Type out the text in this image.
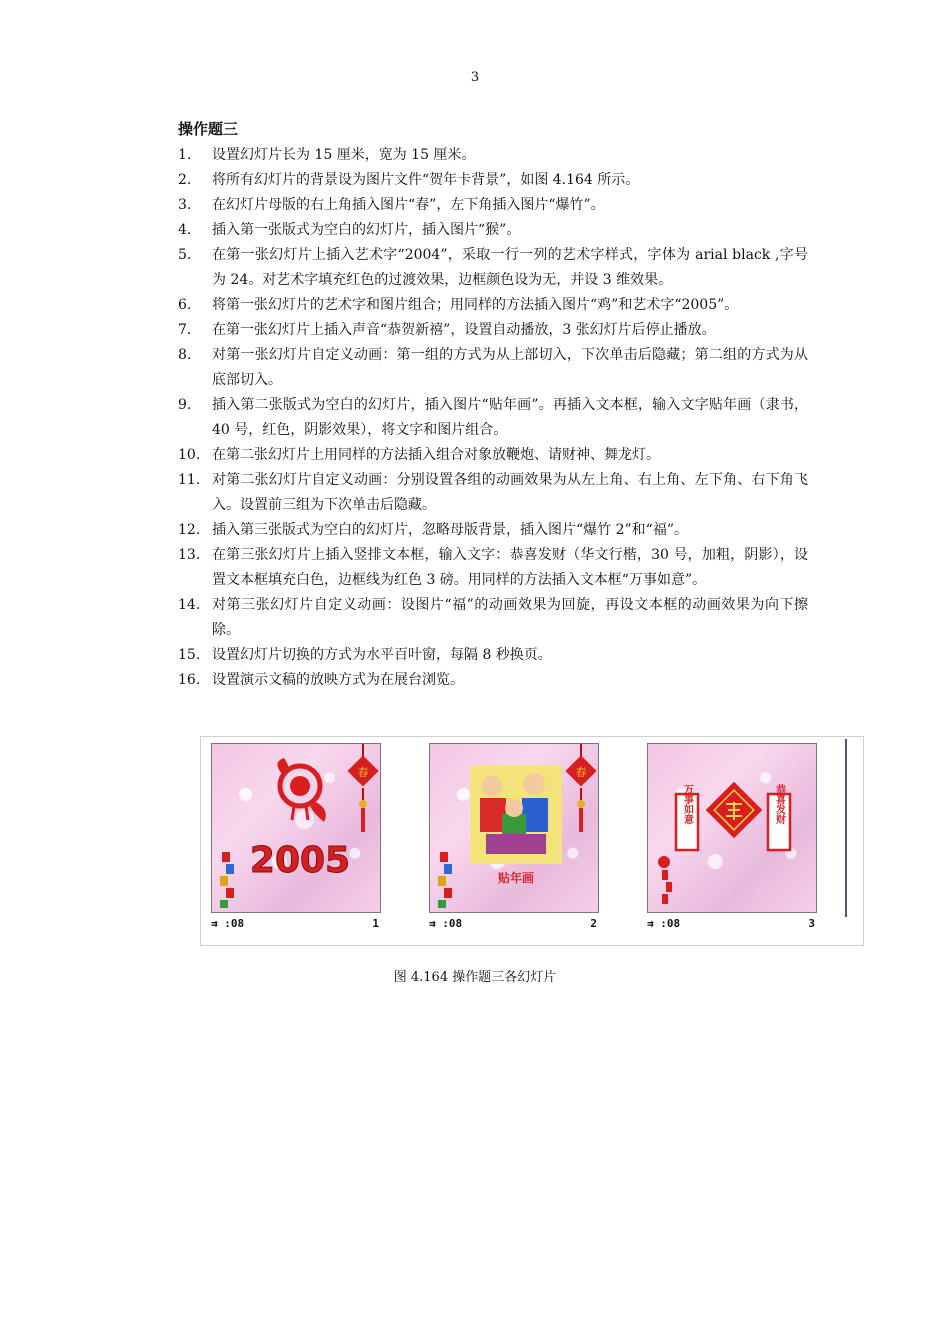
3
操作题三
1.	设置幻灯片长为 15 厘米，宽为 15 厘米。
2.	将所有幻灯片的背景设为图片文件“贺年卡背景”，如图 4.164 所示。
3.	在幻灯片母版的右上角插入图片“春”，左下角插入图片“爆竹”。
4.	插入第一张版式为空白的幻灯片，插入图片“猴”。
5.	在第一张幻灯片上插入艺术字“2004”，采取一行一列的艺术字样式，字体为 arial black ,字号为 24。对艺术字填充红色的过渡效果，边框颜色设为无，并设 3 维效果。
6.	将第一张幻灯片的艺术字和图片组合；用同样的方法插入图片“鸡”和艺术字“2005”。
7.	在第一张幻灯片上插入声音“恭贺新禧”，设置自动播放，3 张幻灯片后停止播放。
8.	对第一张幻灯片自定义动画：第一组的方式为从上部切入，下次单击后隐藏；第二组的方式为从底部切入。
9.	插入第二张版式为空白的幻灯片，插入图片“贴年画”。再插入文本框，输入文字贴年画（隶书，40 号，红色，阴影效果），将文字和图片组合。
10. 在第二张幻灯片上用同样的方法插入组合对象放鞭炮、请财神、舞龙灯。
11. 对第二张幻灯片自定义动画：分别设置各组的动画效果为从左上角、右上角、左下角、右下角飞入。设置前三组为下次单击后隐藏。
12. 插入第三张版式为空白的幻灯片，忽略母版背景，插入图片“爆竹 2”和“福”。
13. 在第三张幻灯片上插入竖排文本框，输入文字：恭喜发财（华文行楷，30 号，加粗，阴影），设置文本框填充白色，边框线为红色 3 磅。用同样的方法插入文本框“万事如意”。
14. 对第三张幻灯片自定义动画：设图片“福”的动画效果为回旋，再设文本框的动画效果为向下擦除。
15. 设置幻灯片切换的方式为水平百叶窗，每隔 8 秒换页。
16. 设置演示文稿的放映方式为在展台浏览。
春
2005
⇉ :08	1
春
贴年画
⇉ :08	2
万事如意	恭喜发财
⇉ :08	3
图 4.164 操作题三各幻灯片
